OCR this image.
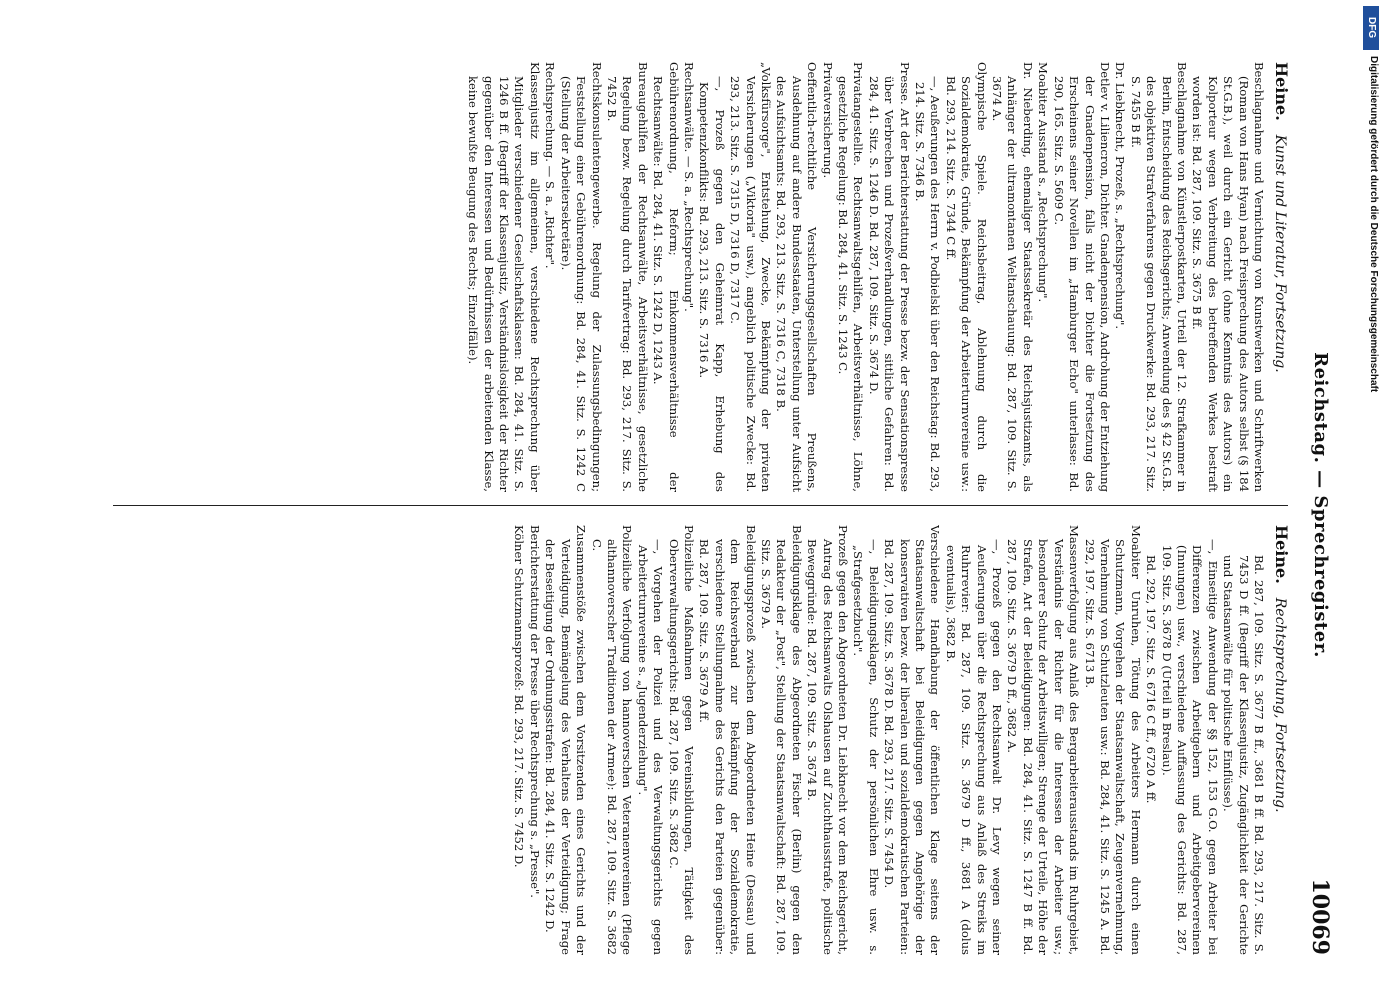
Reichstag. — Sprechregister.
10069
Heine.Kunst und Literatur, Fortsetzung.
Beschlagnahme und Vernichtung von Kunstwerken und Schriftwerken (Roman von Hans Hyan) nach Freisprechung des Autors selbst (§ 184 St.G.B.), weil durch ein Gericht (ohne Kenntnis des Autors) ein Kolporteur wegen Verbreitung des betreffenden Werkes bestraft worden ist: Bd. 287, 109. Sitz. S. 3675 B ff.
Beschlagnahme von Künstlerpostkarten, Urteil der 12. Strafkammer in Berlin, Entscheidung des Reichsgerichts; Anwendung des § 42 St.G.B. des objektiven Strafverfahrens gegen Druckwerke: Bd. 293, 217. Sitz. S. 7455 B ff.
Dr. Liebknecht, Prozeß, s. „Rechtsprechung".
Detlev v. Liliencron, Dichter. Gnadenpension, Androhung der Entziehung der Gnadenpension, falls nicht der Dichter die Fortsetzung des Erscheinens seiner Novellen im „Hamburger Echo" unterlasse: Bd. 290, 165. Sitz. S. 5609 C.
Moabiter Ausstand s. „Rechtsprechung".
Dr. Nieberding, ehemaliger Staatssekretär des Reichsjustizamts, als Anhänger der ultramontanen Weltanschauung: Bd. 287, 109. Sitz. S. 3674 A.
Olympische Spiele. Reichsbeitrag, Ablehnung durch die Sozialdemokratie, Gründe, Bekämpfung der Arbeiterturnvereine usw.: Bd. 293, 214. Sitz. S. 7344 C ff.
—, Aeußerungen des Herrn v. Podbielski über den Reichstag: Bd. 293, 214. Sitz. S. 7346 B.
Presse. Art der Berichterstattung der Presse bezw. der Sensationspresse über Verbrechen und Prozeßverhandlungen, sittliche Gefahren: Bd. 284, 41. Sitz. S. 1246 D. Bd. 287, 109. Sitz. S. 3674 D.
Privatangestellte. Rechtsanwaltsgehilfen, Arbeitsverhältnisse, Löhne, gesetzliche Regelung: Bd. 284, 41. Sitz. S. 1243 C.
Privatversicherung.
Oeffentlich-rechtliche Versicherungsgesellschaften Preußens, Ausdehnung auf andere Bundesstaaten, Unterstellung unter Aufsicht des Aufsichtsamts: Bd. 293, 213. Sitz. S. 7316 C, 7318 B.
„Volksfürsorge", Entstehung, Zwecke, Bekämpfung der privaten Versicherungen („Viktoria" usw.), angeblich politische Zwecke: Bd. 293, 213. Sitz. S. 7315 D, 7316 D, 7317 C.
—, Prozeß gegen den Geheimrat Kapp, Erhebung des Kompetenzkonflikts: Bd. 293, 213. Sitz. S. 7316 A.
Rechtsanwälte. — S. a. „Rechtsprechung".
Gebührenordnung, Reform; Einkommensverhältnisse der Rechtsanwälte: Bd. 284, 41. Sitz. S. 1242 D, 1243 A.
Bureaugehilfen der Rechtsanwälte, Arbeitsverhältnisse, gesetzliche Regelung bezw. Regelung durch Tarifvertrag: Bd. 293, 217. Sitz. S. 7452 B.
Rechtskonsulentengewerbe. Regelung der Zulassungsbedingungen; Feststellung einer Gebührenordnung: Bd. 284, 41. Sitz. S. 1242 C (Stellung der Arbeitersekretäre).
Rechtsprechung. — S. a. „Richter".
Klassenjustiz im allgemeinen, verschiedene Rechtsprechung über Mitglieder verschiedener Gesellschaftsklassen: Bd. 284, 41. Sitz. S. 1246 B ff. (Begriff der Klassenjustiz, Verständnislosigkeit der Richter gegenüber den Interessen und Bedürfnissen der arbeitenden Klasse, keine bewußte Beugung des Rechts; Einzelfälle).
Heine.Rechtsprechung, Fortsetzung.
Bd. 287, 109. Sitz. S. 3677 B ff., 3681 B ff. Bd. 293, 217. Sitz. S. 7453 D ff. (Begriff der Klassenjustiz, Zugänglichkeit der Gerichte und Staatsanwälte für politische Einflüsse).
—, Einseitige Anwendung der §§ 152, 153 G.O. gegen Arbeiter bei Differenzen zwischen Arbeitgebern und Arbeitgebervereinen (Innungen) usw., verschiedene Auffassung des Gerichts: Bd. 287, 109. Sitz. S. 3678 D (Urteil in Breslau).
Bd. 292, 197. Sitz. S. 6716 C ff., 6720 A ff.
Moabiter Unruhen, Tötung des Arbeiters Hermann durch einen Schutzmann, Vorgehen der Staatsanwaltschaft, Zeugenvernehmung, Vernehmung von Schutzleuten usw.: Bd. 284, 41. Sitz. S. 1245 A. Bd. 292, 197. Sitz. S. 6713 B.
Massenverfolgung aus Anlaß des Bergarbeiterausstands im Ruhrgebiet, Verständnis der Richter für die Interessen der Arbeiter usw.; besonderer Schutz der Arbeitswilligen; Strenge der Urteile, Höhe der Strafen, Art der Beleidigungen: Bd. 284, 41. Sitz. S. 1247 B ff. Bd. 287, 109. Sitz. S. 3679 D ff., 3682 A.
—, Prozeß gegen den Rechtsanwalt Dr. Levy wegen seiner Aeußerungen über die Rechtsprechung aus Anlaß des Streiks im Ruhrrevier: Bd. 287, 109. Sitz. S. 3679 D ff., 3681 A (dolus eventualis), 3682 B.
Verschiedene Handhabung der öffentlichen Klage seitens der Staatsanwaltschaft bei Beleidigungen gegen Angehörige der konservativen bezw. der liberalen und sozialdemokratischen Parteien: Bd. 287, 109. Sitz. S. 3678 D. Bd. 293, 217. Sitz. S. 7454 D.
—, Beleidigungsklagen, Schutz der persönlichen Ehre usw. s. „Strafgesetzbuch".
Prozeß gegen den Abgeordneten Dr. Liebknecht vor dem Reichsgericht, Antrag des Reichsanwalts Olshausen auf Zuchthausstrafe, politische Beweggründe: Bd. 287, 109. Sitz. S. 3674 B.
Beleidigungsklage des Abgeordneten Fischer (Berlin) gegen den Redakteur der „Post", Stellung der Staatsanwaltschaft: Bd. 287, 109. Sitz. S. 3679 A.
Beleidigungsprozeß zwischen dem Abgeordneten Heine (Dessau) und dem Reichsverband zur Bekämpfung der Sozialdemokratie, verschiedene Stellungnahme des Gerichts den Parteien gegenüber: Bd. 287, 109. Sitz. S. 3679 A ff.
Polizeiliche Maßnahmen gegen Vereinsbildungen, Tätigkeit des Oberverwaltungsgerichts: Bd. 287, 109. Sitz. S. 3682 C.
—, Vorgehen der Polizei und des Verwaltungsgerichts gegen Arbeiterturnvereine s. „Jugenderziehung".
Polizeiliche Verfolgung von hannoverschen Veteranenvereinen (Pflege althannoverscher Traditionen der Armee): Bd. 287, 109. Sitz. S. 3682 C.
Zusammenstöße zwischen dem Vorsitzenden eines Gerichts und der Verteidigung, Bemängelung des Verhaltens der Verteidigung; Frage der Beseitigung der Ordnungsstrafen: Bd. 284, 41. Sitz. S. 1242 D.
Berichterstattung der Presse über Rechtsprechung s. „Presse".
Kölner Schutzmannsprozeß: Bd. 293, 217. Sitz. S. 7452 D.
DFG
Digitalisierung gefördert durch die Deutsche Forschungsgemeinschaft
